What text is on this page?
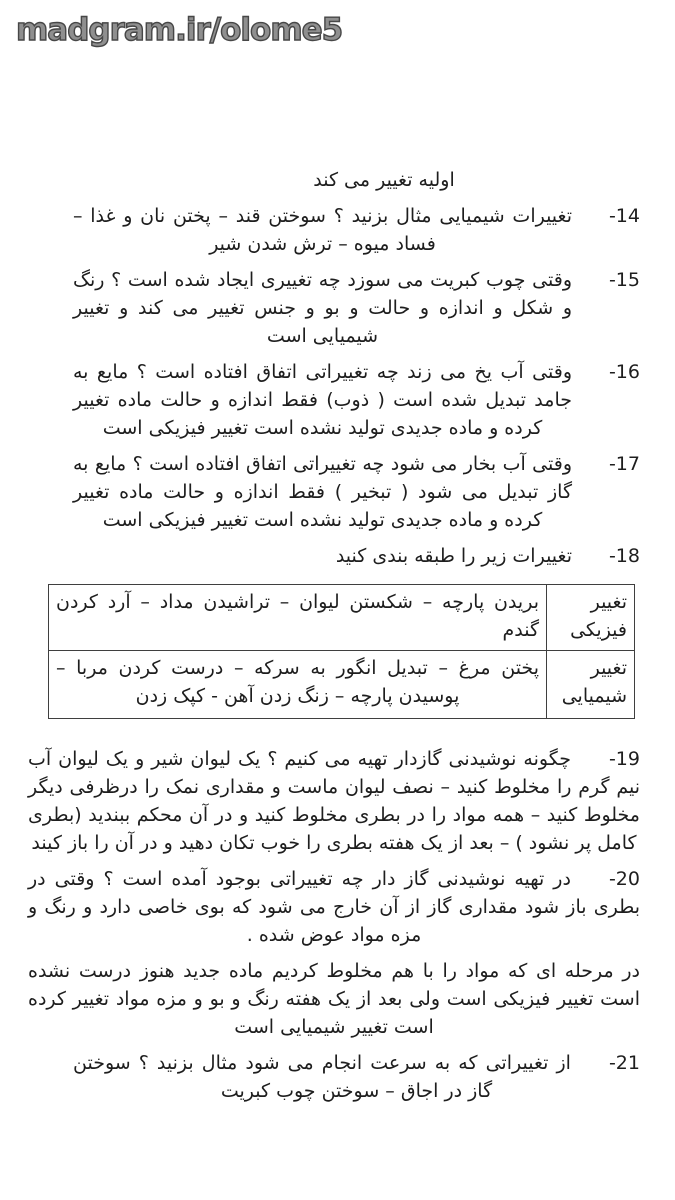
madgram.ir/olome5
اولیه تغییر می کند
-14
تغییرات شیمیایی مثال بزنید ؟ سوختن قند – پختن نان و غذا – فساد میوه – ترش شدن شیر
-15
وقتی چوب کبریت می سوزد چه تغییری ایجاد شده است ؟ رنگ و شکل و اندازه و حالت و بو و جنس تغییر می کند و تغییر شیمیایی است
-16
وقتی آب یخ می زند چه تغییراتی اتفاق افتاده است ؟ مایع به جامد تبدیل شده است ( ذوب) فقط اندازه و حالت ماده تغییر کرده و ماده جدیدی تولید نشده است تغییر فیزیکی است
-17
وقتی آب بخار می شود چه تغییراتی اتفاق افتاده است ؟ مایع به گاز تبدیل می شود ( تبخیر ) فقط اندازه و حالت ماده تغییر کرده و ماده جدیدی تولید نشده است تغییر فیزیکی است
-18
تغییرات زیر را طبقه بندی کنید
تغییر فیزیکی	بریدن پارچه – شکستن لیوان – تراشیدن مداد – آرد کردن گندم
تغییر شیمیایی	پختن مرغ – تبدیل انگور به سرکه – درست کردن مربا – پوسیدن پارچه – زنگ زدن آهن - کپک زدن
-19چگونه نوشیدنی گازدار تهیه می کنیم ؟ یک لیوان شیر و یک لیوان آب نیم گرم را مخلوط کنید – نصف لیوان ماست و مقداری نمک را درظرفی دیگر مخلوط کنید – همه مواد را در بطری مخلوط کنید و در آن محکم ببندید (بطری کامل پر نشود ) – بعد از یک هفته بطری را خوب تکان دهید و در آن را باز کیند
-20در تهیه نوشیدنی گاز دار چه تغییراتی بوجود آمده است ؟ وقتی در بطری باز شود مقداری گاز از آن خارج می شود که بوی خاصی دارد و رنگ و مزه مواد عوض شده .
در مرحله ای که مواد را با هم مخلوط کردیم ماده جدید هنوز درست نشده است تغییر فیزیکی است ولی بعد از یک هفته رنگ و بو و مزه مواد تغییر کرده است تغییر شیمیایی است
-21از تغییراتی که به سرعت انجام می شود مثال بزنید ؟ سوختن گاز در اجاق – سوختن چوب کبریت
